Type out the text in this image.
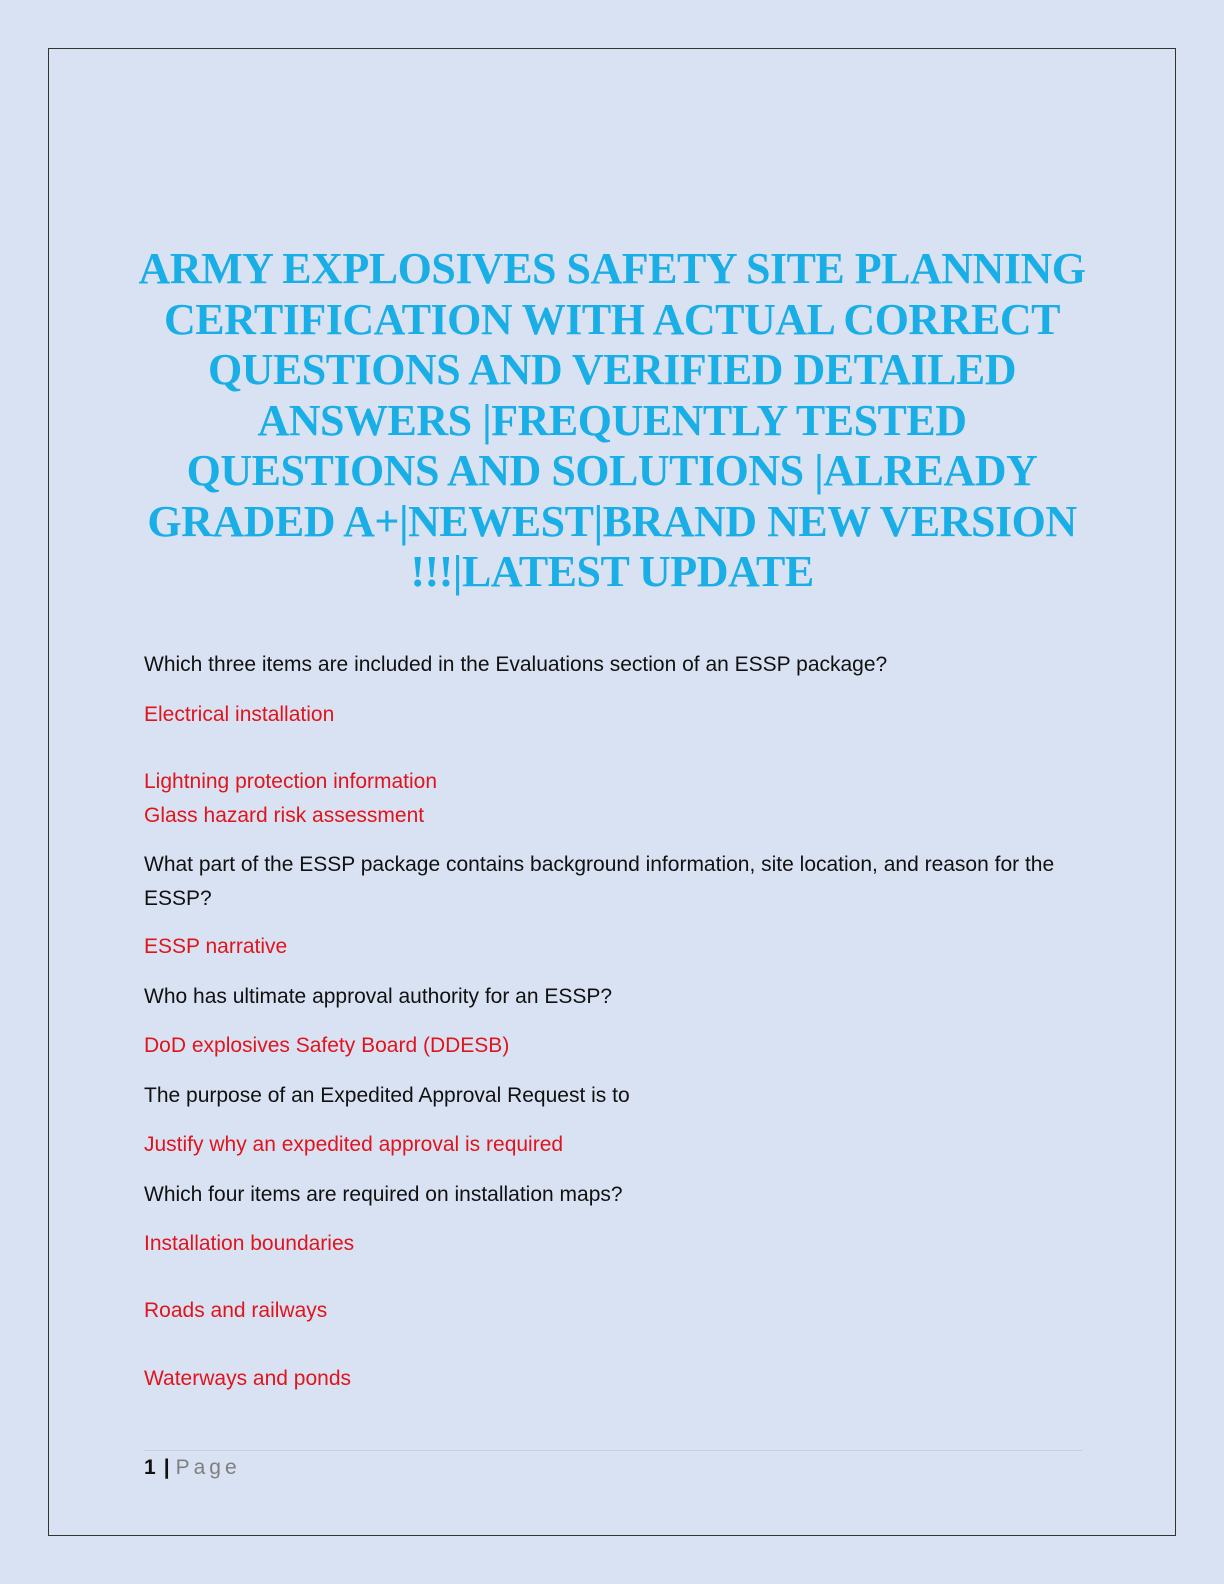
ARMY EXPLOSIVES SAFETY SITE PLANNING CERTIFICATION WITH ACTUAL CORRECT QUESTIONS AND VERIFIED DETAILED ANSWERS |FREQUENTLY TESTED QUESTIONS AND SOLUTIONS |ALREADY GRADED A+|NEWEST|BRAND NEW VERSION !!!|LATEST UPDATE

Which three items are included in the Evaluations section of an ESSP package?

Electrical installation

Lightning protection information

Glass hazard risk assessment

What part of the ESSP package contains background information, site location, and reason for the ESSP?

ESSP narrative

Who has ultimate approval authority for an ESSP?

DoD explosives Safety Board (DDESB)

The purpose of an Expedited Approval Request is to

Justify why an expedited approval is required

Which four items are required on installation maps?

Installation boundaries

Roads and railways

Waterways and ponds

1 | Page
